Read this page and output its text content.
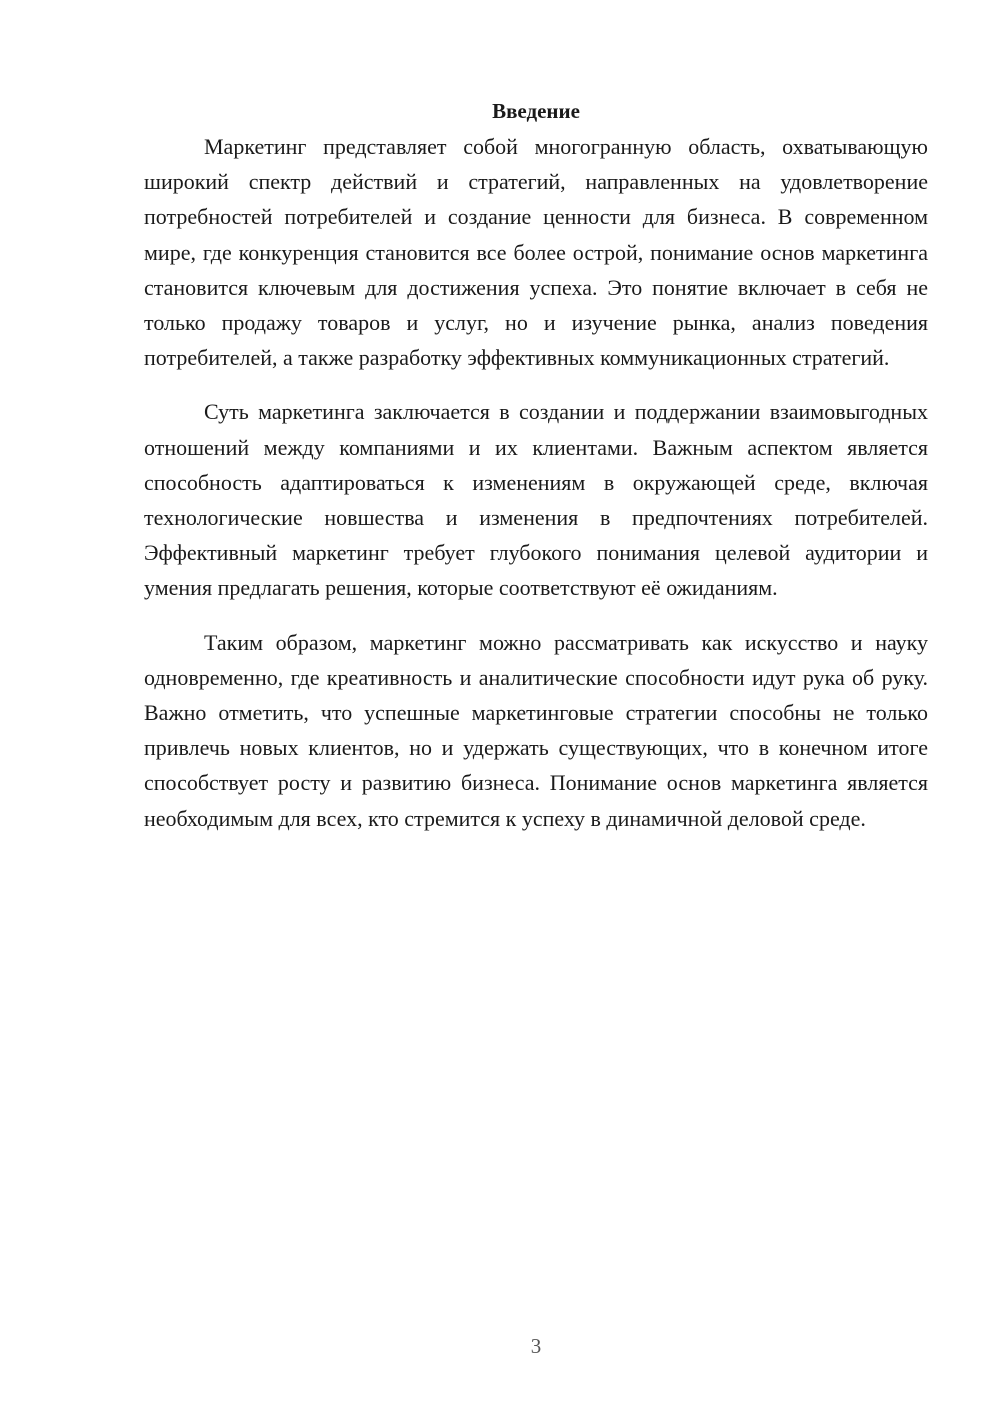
Введение

Маркетинг представляет собой многогранную область, охватывающую широкий спектр действий и стратегий, направленных на удовлетворение потребностей потребителей и создание ценности для бизнеса. В современном мире, где конкуренция становится все более острой, понимание основ маркетинга становится ключевым для достижения успеха. Это понятие включает в себя не только продажу товаров и услуг, но и изучение рынка, анализ поведения потребителей, а также разработку эффективных коммуникационных стратегий.

Суть маркетинга заключается в создании и поддержании взаимовыгодных отношений между компаниями и их клиентами. Важным аспектом является способность адаптироваться к изменениям в окружающей среде, включая технологические новшества и изменения в предпочтениях потребителей. Эффективный маркетинг требует глубокого понимания целевой аудитории и умения предлагать решения, которые соответствуют её ожиданиям.

Таким образом, маркетинг можно рассматривать как искусство и науку одновременно, где креативность и аналитические способности идут рука об руку. Важно отметить, что успешные маркетинговые стратегии способны не только привлечь новых клиентов, но и удержать существующих, что в конечном итоге способствует росту и развитию бизнеса. Понимание основ маркетинга является необходимым для всех, кто стремится к успеху в динамичной деловой среде.

3
